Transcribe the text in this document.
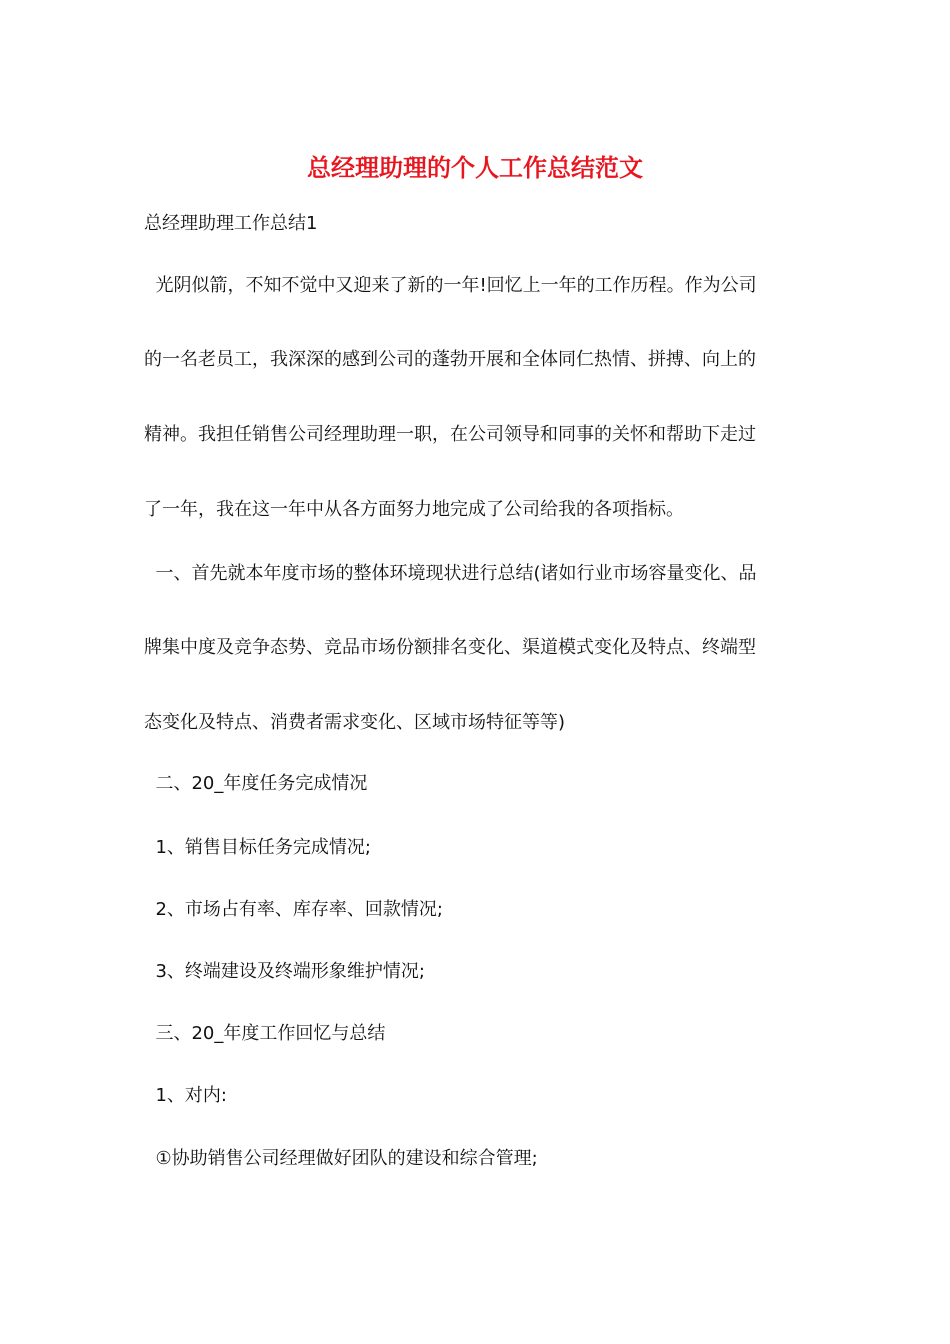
总经理助理的个人工作总结范文
总经理助理工作总结1
光阴似箭，不知不觉中又迎来了新的一年!回忆上一年的工作历程。作为公司
的一名老员工，我深深的感到公司的蓬勃开展和全体同仁热情、拼搏、向上的
精神。我担任销售公司经理助理一职，在公司领导和同事的关怀和帮助下走过
了一年，我在这一年中从各方面努力地完成了公司给我的各项指标。
一、首先就本年度市场的整体环境现状进行总结(诸如行业市场容量变化、品
牌集中度及竞争态势、竞品市场份额排名变化、渠道模式变化及特点、终端型
态变化及特点、消费者需求变化、区域市场特征等等)
二、20_年度任务完成情况
1、销售目标任务完成情况;
2、市场占有率、库存率、回款情况;
3、终端建设及终端形象维护情况;
三、20_年度工作回忆与总结
1、对内:
①协助销售公司经理做好团队的建设和综合管理;
